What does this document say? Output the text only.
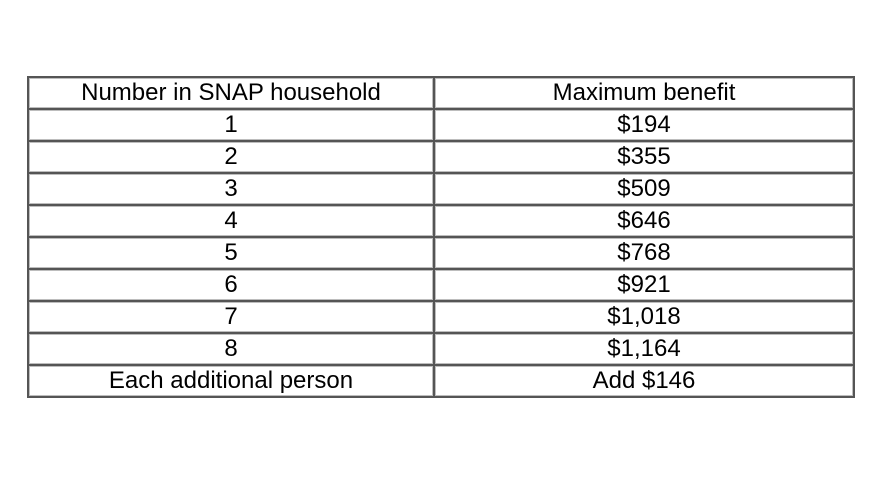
Number in SNAP household	Maximum benefit
1	$194
2	$355
3	$509
4	$646
5	$768
6	$921
7	$1,018
8	$1,164
Each additional person	Add $146
